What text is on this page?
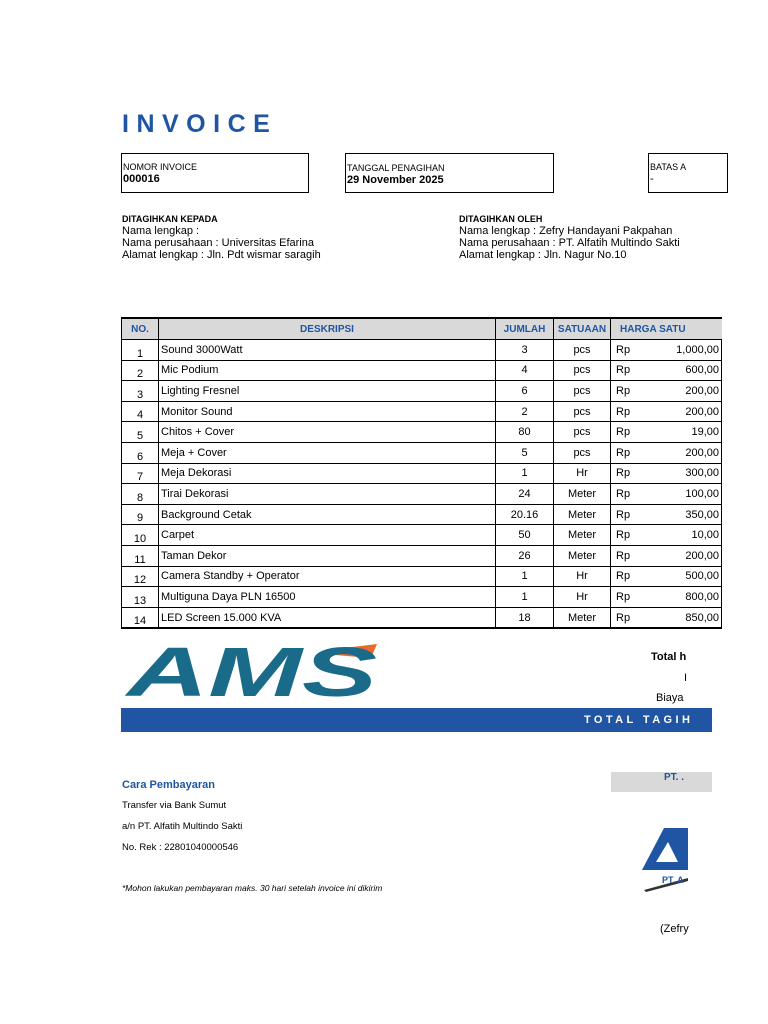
INVOICE
NOMOR INVOICE
000016
TANGGAL PENAGIHAN
29 November 2025
BATAS A
-
DITAGIHKAN KEPADA
Nama lengkap :
Nama perusahaan : Universitas Efarina
Alamat lengkap : Jln. Pdt wismar saragih
DITAGIHKAN OLEH
Nama lengkap : Zefry Handayani Pakpahan
Nama perusahaan : PT. Alfatih Multindo Sakti
Alamat lengkap : Jln. Nagur No.10
NO.	DESKRIPSI	JUMLAH	SATUAAN	HARGA SATU	
1	Sound 3000Watt	3	pcs	Rp	1,000,00
2	Mic Podium	4	pcs	Rp	600,00
3	Lighting Fresnel	6	pcs	Rp	200,00
4	Monitor Sound	2	pcs	Rp	200,00
5	Chitos + Cover	80	pcs	Rp	19,00
6	Meja + Cover	5	pcs	Rp	200,00
7	Meja Dekorasi	1	Hr	Rp	300,00
8	Tirai Dekorasi	24	Meter	Rp	100,00
9	Background Cetak	20.16	Meter	Rp	350,00
10	Carpet	50	Meter	Rp	10,00
11	Taman Dekor	26	Meter	Rp	200,00
12	Camera Standby + Operator	1	Hr	Rp	500,00
13	Multiguna Daya PLN 16500	1	Hr	Rp	800,00
14	LED Screen 15.000 KVA	18	Meter	Rp	850,00
AMS	Total h
I
Biaya
TOTAL TAGIH
Cara Pembayaran
Transfer via Bank Sumut
a/n PT. Alfatih Multindo Sakti
No. Rek : 22801040000546
*Mohon lakukan pembayaran maks. 30 hari setelah invoice ini dikirim
PT. .
PT. A
(Zefry
